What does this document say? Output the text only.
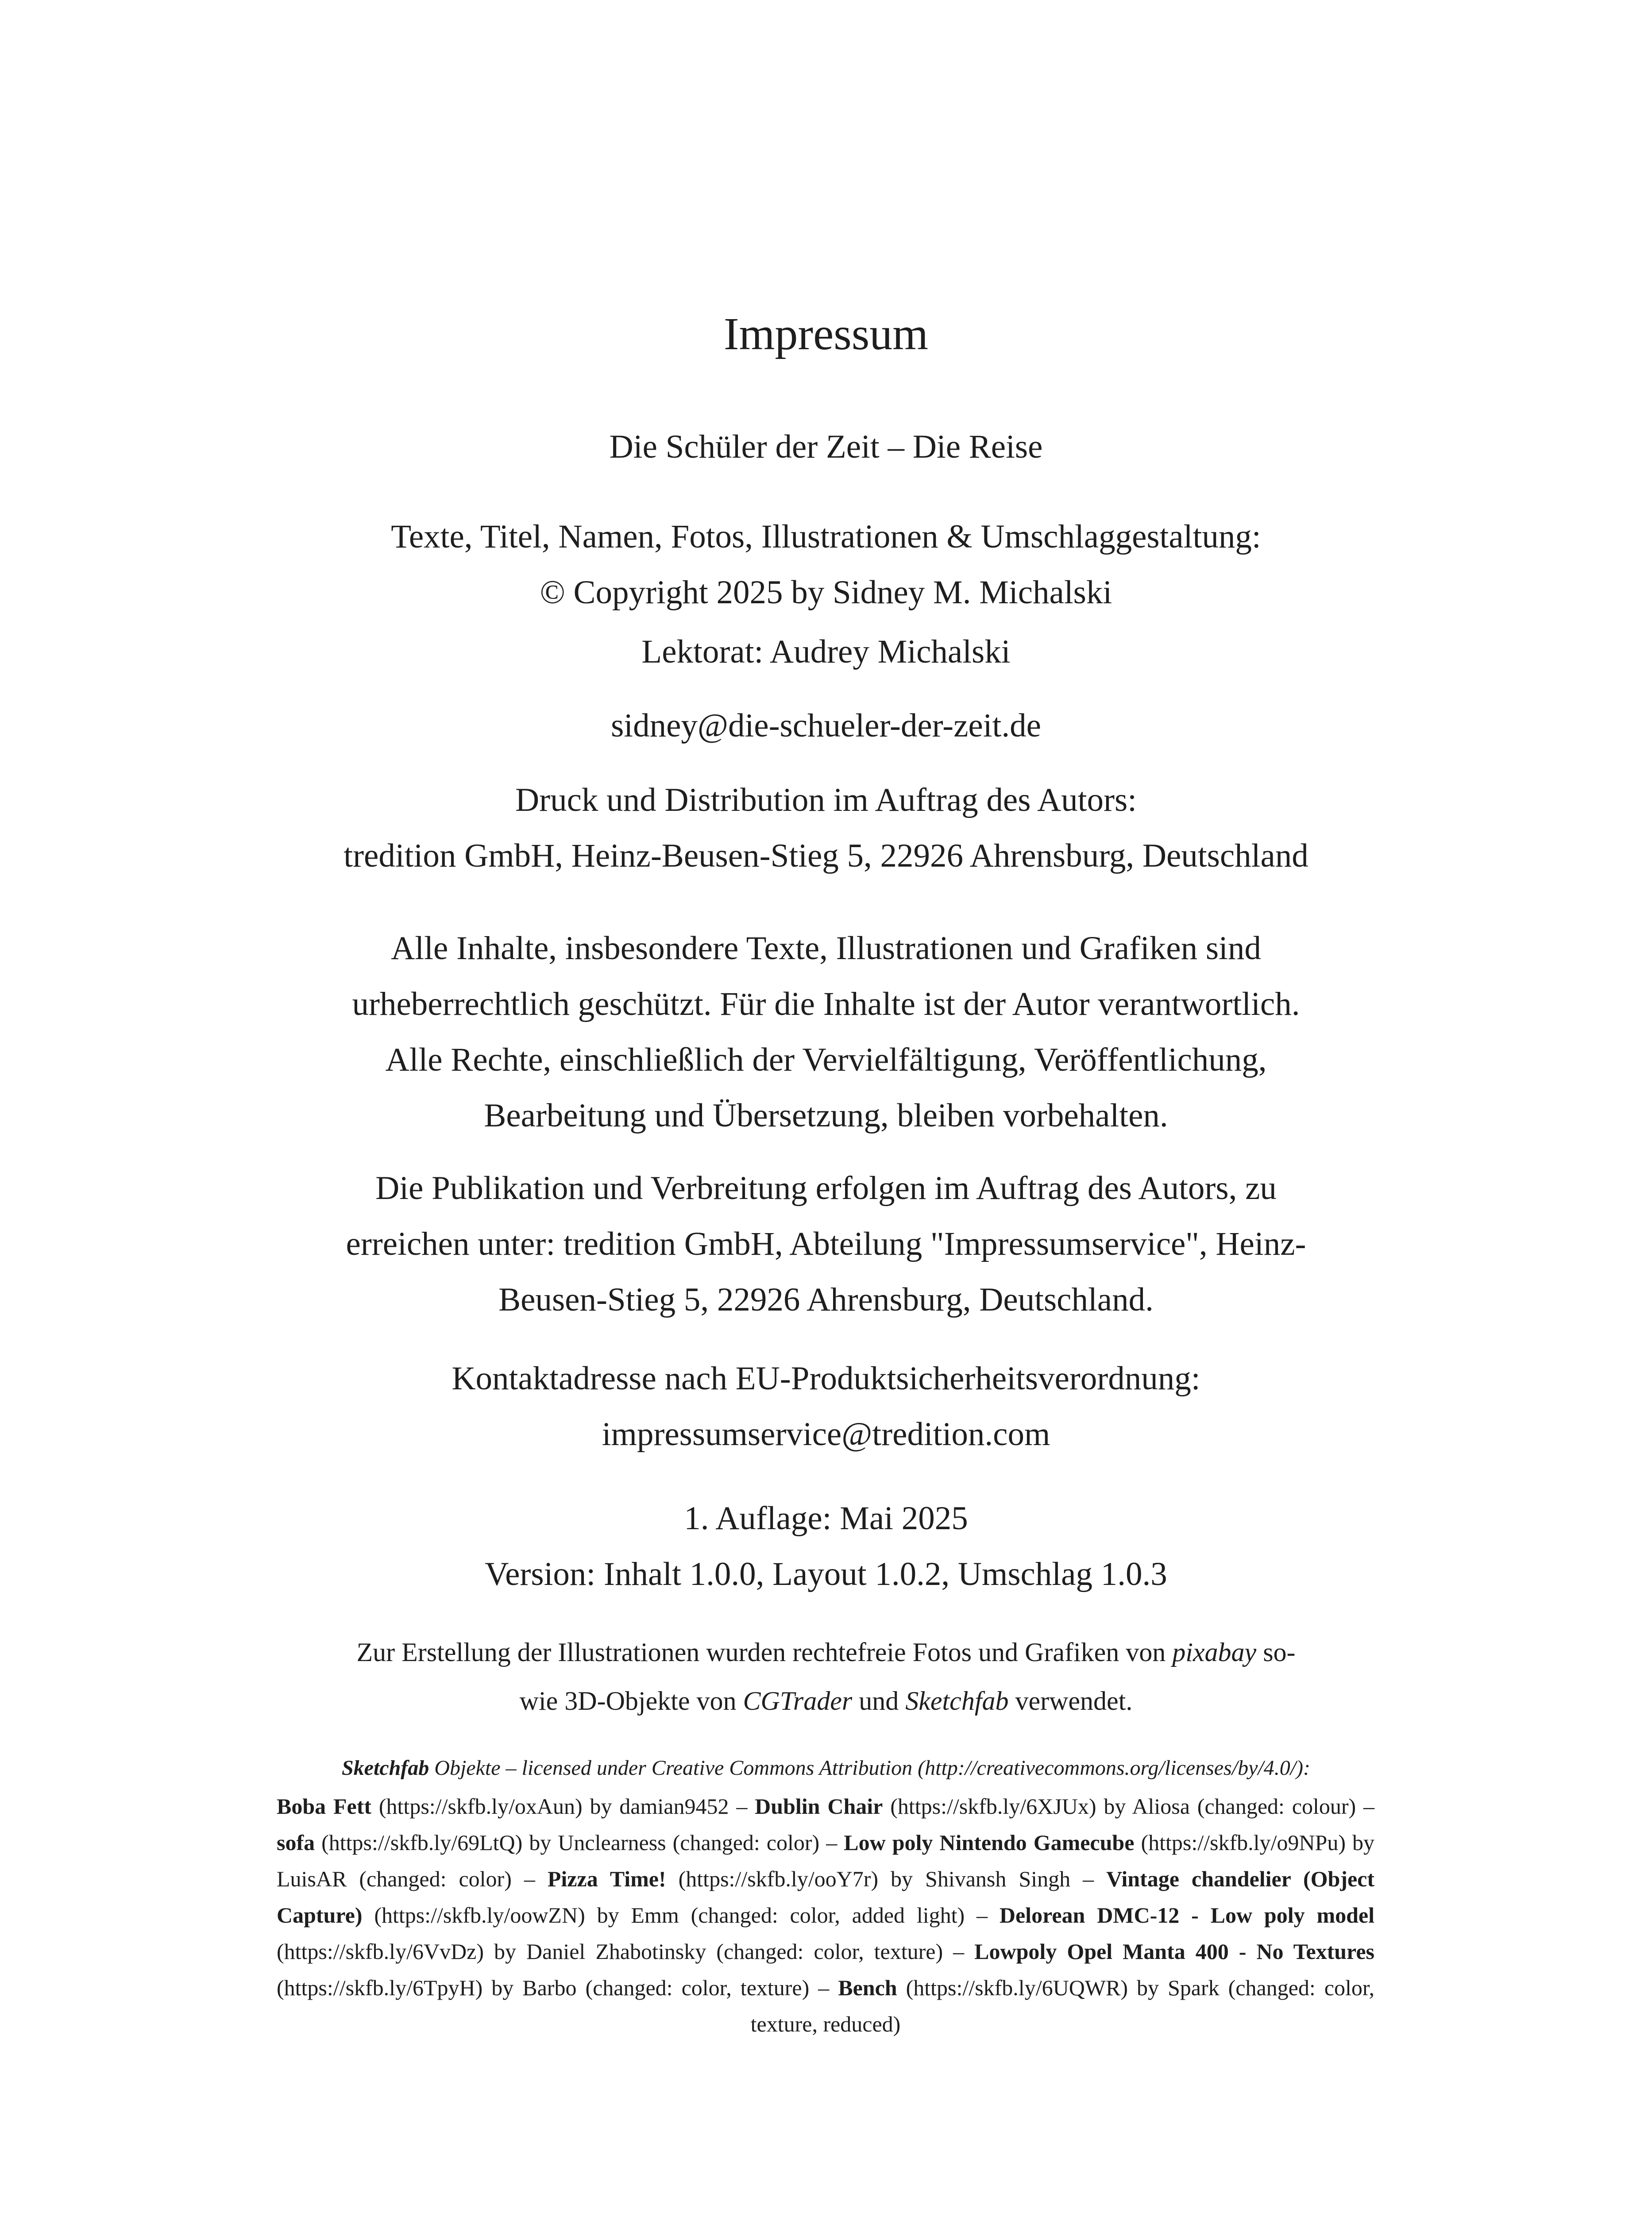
Impressum
Die Schüler der Zeit – Die Reise
Texte, Titel, Namen, Fotos, Illustrationen & Umschlaggestaltung:
© Copyright 2025 by Sidney M. Michalski
Lektorat: Audrey Michalski
sidney@die-schueler-der-zeit.de
Druck und Distribution im Auftrag des Autors:
tredition GmbH, Heinz-Beusen-Stieg 5, 22926 Ahrensburg, Deutschland
Alle Inhalte, insbesondere Texte, Illustrationen und Grafiken sind
urheberrechtlich geschützt. Für die Inhalte ist der Autor verantwortlich.
Alle Rechte, einschließlich der Vervielfältigung, Veröffentlichung,
Bearbeitung und Übersetzung, bleiben vorbehalten.
Die Publikation und Verbreitung erfolgen im Auftrag des Autors, zu
erreichen unter: tredition GmbH, Abteilung "Impressumservice", Heinz-
Beusen-Stieg 5, 22926 Ahrensburg, Deutschland.
Kontaktadresse nach EU-Produktsicherheitsverordnung:
impressumservice@tredition.com
1. Auflage: Mai 2025
Version: Inhalt 1.0.0, Layout 1.0.2, Umschlag 1.0.3
Zur Erstellung der Illustrationen wurden rechtefreie Fotos und Grafiken von pixabay so-
wie 3D-Objekte von CGTrader und Sketchfab verwendet.
Sketchfab Objekte – licensed under Creative Commons Attribution (http://creativecommons.org/licenses/by/4.0/):
Boba Fett (https://skfb.ly/oxAun) by damian9452 – Dublin Chair (https://skfb.ly/6XJUx) by Aliosa (changed: colour) – sofa (https://skfb.ly/69LtQ) by Unclearness (changed: color) – Low poly Nintendo Gamecube (https://skfb.ly/o9NPu) by LuisAR (changed: color) – Pizza Time! (https://skfb.ly/ooY7r) by Shivansh Singh – Vintage chandelier (Object Capture) (https://skfb.ly/oowZN) by Emm (changed: color, added light) – Delorean DMC-12 - Low poly model (https://skfb.ly/6VvDz) by Daniel Zhabotinsky (changed: color, texture) – Lowpoly Opel Manta 400 - No Textures (https://skfb.ly/6TpyH) by Barbo (changed: color, texture) – Bench (https://skfb.ly/6UQWR) by Spark (changed: color, texture, reduced)
